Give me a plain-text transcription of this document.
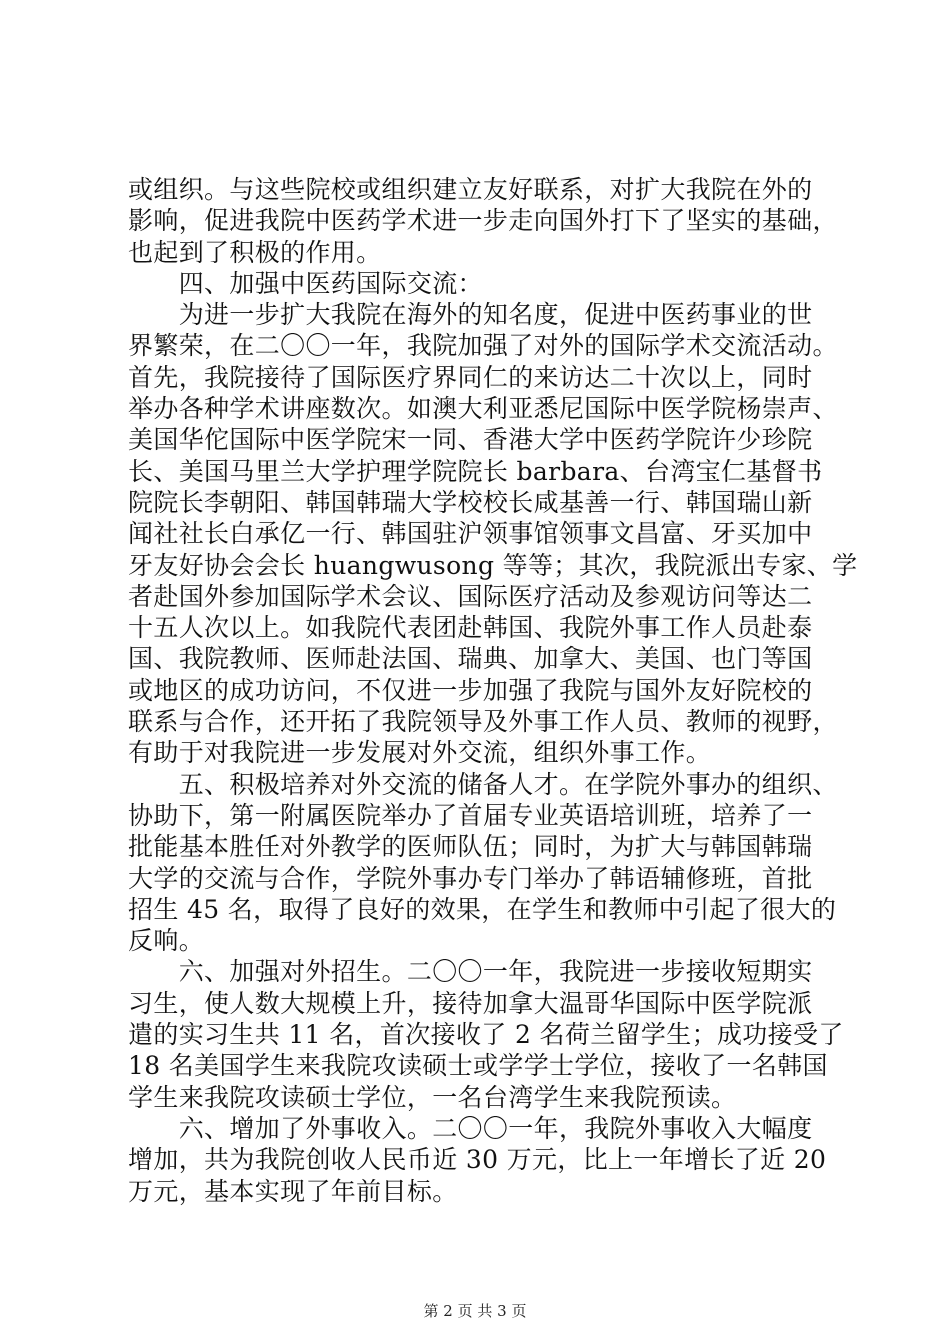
或组织。与这些院校或组织建立友好联系，对扩大我院在外的
影响，促进我院中医药学术进一步走向国外打下了坚实的基础，
也起到了积极的作用。
　　四、加强中医药国际交流：
　　为进一步扩大我院在海外的知名度，促进中医药事业的世
界繁荣，在二〇〇一年，我院加强了对外的国际学术交流活动。
首先，我院接待了国际医疗界同仁的来访达二十次以上，同时
举办各种学术讲座数次。如澳大利亚悉尼国际中医学院杨崇声、
美国华佗国际中医学院宋一同、香港大学中医药学院许少珍院
长、美国马里兰大学护理学院院长 barbara、台湾宝仁基督书
院院长李朝阳、韩国韩瑞大学校校长咸基善一行、韩国瑞山新
闻社社长白承亿一行、韩国驻沪领事馆领事文昌富、牙买加中
牙友好协会会长 huangwusong 等等；其次，我院派出专家、学
者赴国外参加国际学术会议、国际医疗活动及参观访问等达二
十五人次以上。如我院代表团赴韩国、我院外事工作人员赴泰
国、我院教师、医师赴法国、瑞典、加拿大、美国、也门等国
或地区的成功访问，不仅进一步加强了我院与国外友好院校的
联系与合作，还开拓了我院领导及外事工作人员、教师的视野，
有助于对我院进一步发展对外交流，组织外事工作。
　　五、积极培养对外交流的储备人才。在学院外事办的组织、
协助下，第一附属医院举办了首届专业英语培训班，培养了一
批能基本胜任对外教学的医师队伍；同时，为扩大与韩国韩瑞
大学的交流与合作，学院外事办专门举办了韩语辅修班，首批
招生 45 名，取得了良好的效果，在学生和教师中引起了很大的
反响。
　　六、加强对外招生。二〇〇一年，我院进一步接收短期实
习生，使人数大规模上升，接待加拿大温哥华国际中医学院派
遣的实习生共 11 名，首次接收了 2 名荷兰留学生；成功接受了
18 名美国学生来我院攻读硕士或学学士学位，接收了一名韩国
学生来我院攻读硕士学位，一名台湾学生来我院预读。
　　六、增加了外事收入。二〇〇一年，我院外事收入大幅度
增加，共为我院创收人民币近 30 万元，比上一年增长了近 20
万元，基本实现了年前目标。
第 2 页 共 3 页
